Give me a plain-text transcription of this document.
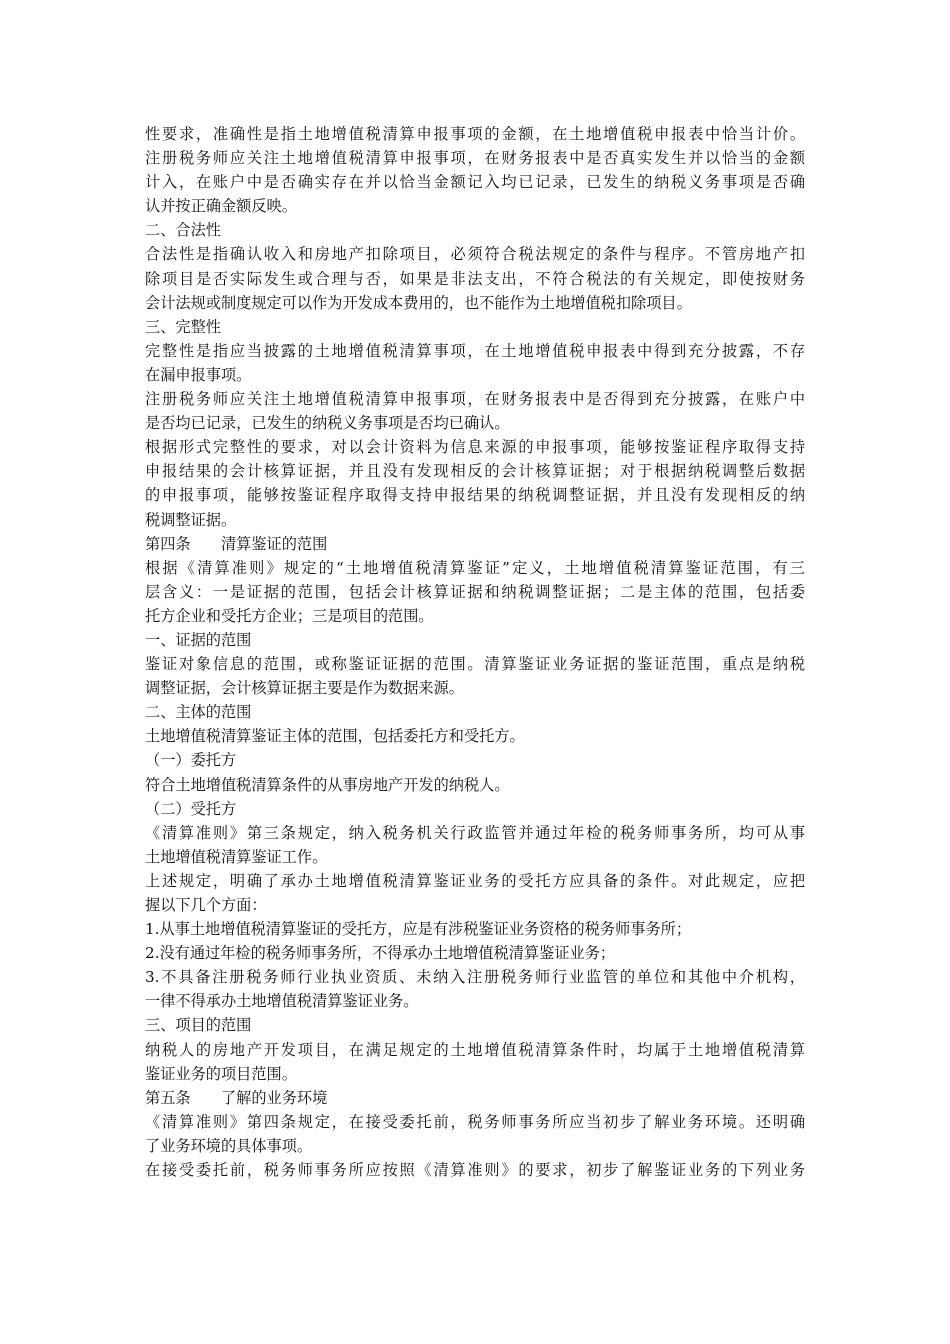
性要求，准确性是指土地增值税清算申报事项的金额，在土地增值税申报表中恰当计价。
注册税务师应关注土地增值税清算申报事项，在财务报表中是否真实发生并以恰当的金额
计入，在账户中是否确实存在并以恰当金额记入均已记录，已发生的纳税义务事项是否确
认并按正确金额反映。
二、合法性
合法性是指确认收入和房地产扣除项目，必须符合税法规定的条件与程序。不管房地产扣
除项目是否实际发生或合理与否，如果是非法支出，不符合税法的有关规定，即使按财务
会计法规或制度规定可以作为开发成本费用的，也不能作为土地增值税扣除项目。
三、完整性
完整性是指应当披露的土地增值税清算事项，在土地增值税申报表中得到充分披露，不存
在漏申报事项。
注册税务师应关注土地增值税清算申报事项，在财务报表中是否得到充分披露，在账户中
是否均已记录，已发生的纳税义务事项是否均已确认。
根据形式完整性的要求，对以会计资料为信息来源的申报事项，能够按鉴证程序取得支持
申报结果的会计核算证据，并且没有发现相反的会计核算证据；对于根据纳税调整后数据
的申报事项，能够按鉴证程序取得支持申报结果的纳税调整证据，并且没有发现相反的纳
税调整证据。
第四条　　清算鉴证的范围
根据《清算准则》规定的“土地增值税清算鉴证”定义，土地增值税清算鉴证范围，有三
层含义：一是证据的范围，包括会计核算证据和纳税调整证据；二是主体的范围，包括委
托方企业和受托方企业；三是项目的范围。
一、证据的范围
鉴证对象信息的范围，或称鉴证证据的范围。清算鉴证业务证据的鉴证范围，重点是纳税
调整证据，会计核算证据主要是作为数据来源。
二、主体的范围
土地增值税清算鉴证主体的范围，包括委托方和受托方。
（一）委托方
符合土地增值税清算条件的从事房地产开发的纳税人。
（二）受托方
《清算准则》第三条规定，纳入税务机关行政监管并通过年检的税务师事务所，均可从事
土地增值税清算鉴证工作。
上述规定，明确了承办土地增值税清算鉴证业务的受托方应具备的条件。对此规定，应把
握以下几个方面：
1.从事土地增值税清算鉴证的受托方，应是有涉税鉴证业务资格的税务师事务所；
2.没有通过年检的税务师事务所，不得承办土地增值税清算鉴证业务；
3.不具备注册税务师行业执业资质、未纳入注册税务师行业监管的单位和其他中介机构，
一律不得承办土地增值税清算鉴证业务。
三、项目的范围
纳税人的房地产开发项目，在满足规定的土地增值税清算条件时，均属于土地增值税清算
鉴证业务的项目范围。
第五条　　了解的业务环境
《清算准则》第四条规定，在接受委托前，税务师事务所应当初步了解业务环境。还明确
了业务环境的具体事项。
在接受委托前，税务师事务所应按照《清算准则》的要求，初步了解鉴证业务的下列业务
